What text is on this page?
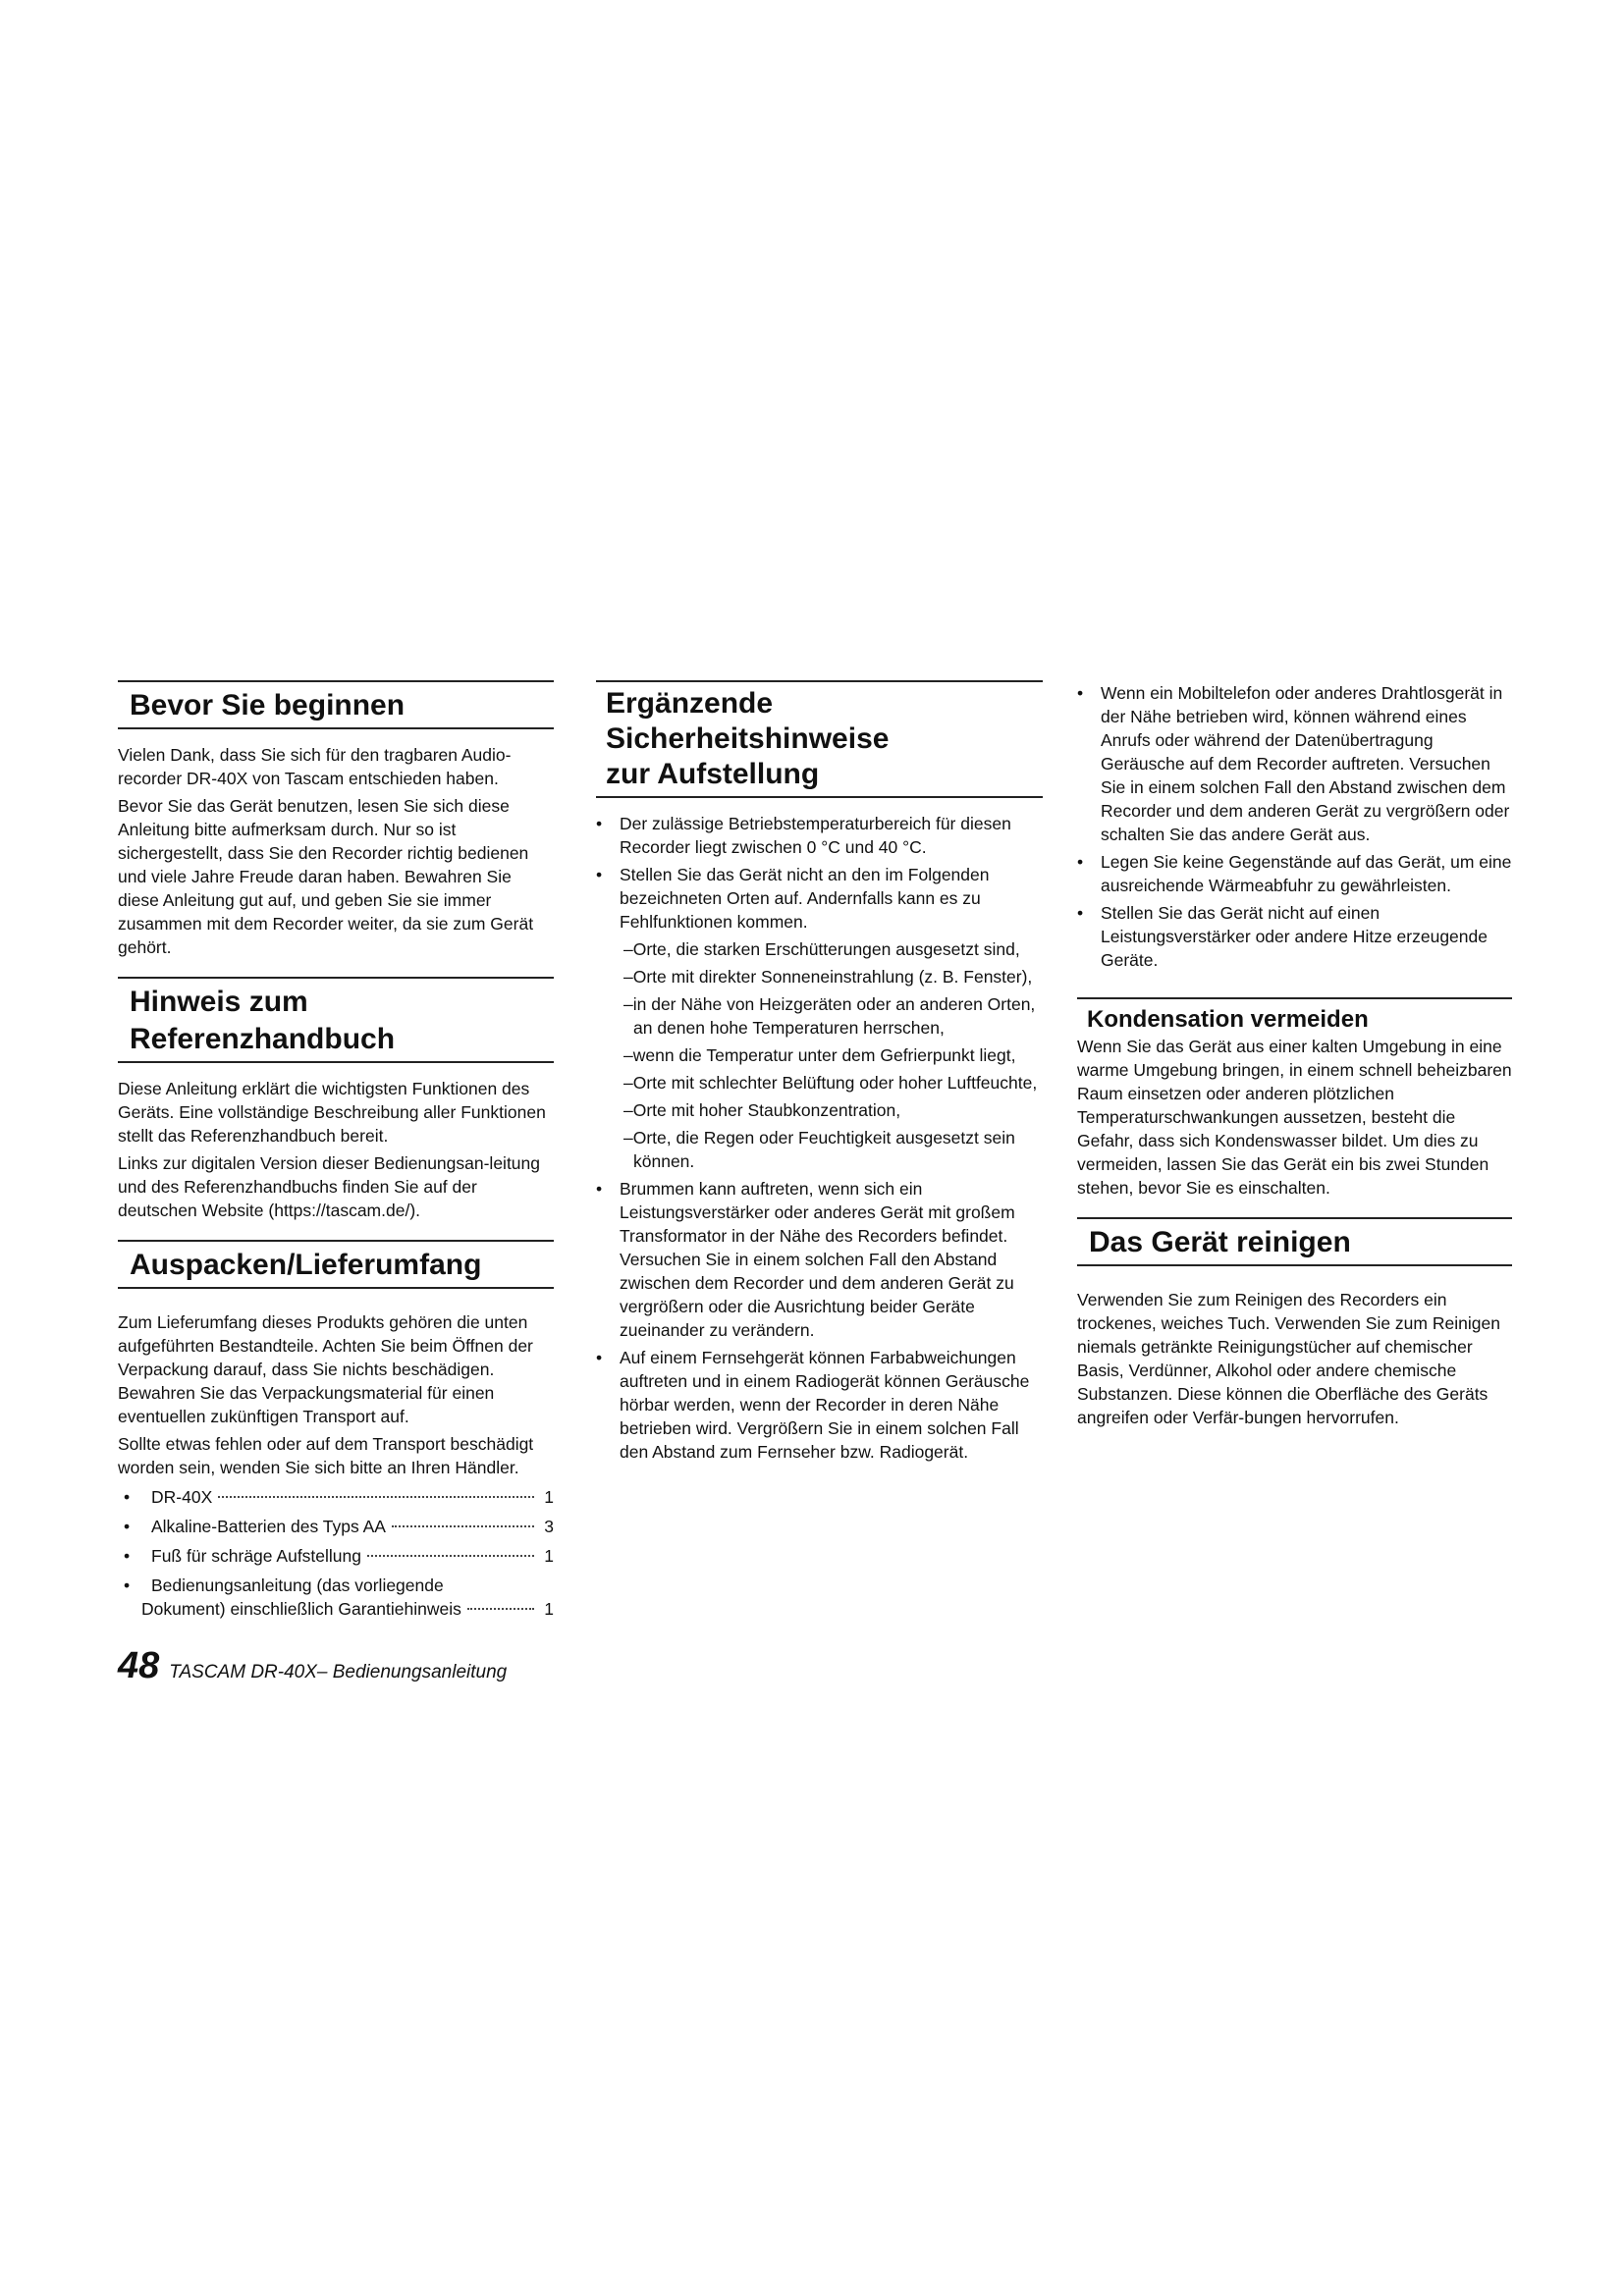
Bevor Sie beginnen

Vielen Dank, dass Sie sich für den tragbaren Audio-recorder DR-40X von Tascam entschieden haben.

Bevor Sie das Gerät benutzen, lesen Sie sich diese Anleitung bitte aufmerksam durch. Nur so ist sichergestellt, dass Sie den Recorder richtig bedienen und viele Jahre Freude daran haben. Bewahren Sie diese Anleitung gut auf, und geben Sie sie immer zusammen mit dem Recorder weiter, da sie zum Gerät gehört.

Hinweis zum Referenzhandbuch

Diese Anleitung erklärt die wichtigsten Funktionen des Geräts. Eine vollständige Beschreibung aller Funktionen stellt das Referenzhandbuch bereit.

Links zur digitalen Version dieser Bedienungsan-leitung und des Referenzhandbuchs finden Sie auf der deutschen Website (https://tascam.de/).

Auspacken/Lieferumfang

Zum Lieferumfang dieses Produkts gehören die unten aufgeführten Bestandteile. Achten Sie beim Öffnen der Verpackung darauf, dass Sie nichts beschädigen. Bewahren Sie das Verpackungsmaterial für einen eventuellen zukünftigen Transport auf.

Sollte etwas fehlen oder auf dem Transport beschädigt worden sein, wenden Sie sich bitte an Ihren Händler.

• DR-40X	1
• Alkaline-Batterien des Typs AA	3
• Fuß für schräge Aufstellung	1
• Bedienungsanleitung (das vorliegende
Dokument) einschließlich Garantiehinweis	1
Ergänzende Sicherheitshinweise
zur Aufstellung
• Der zulässige Betriebstemperaturbereich für diesen Recorder liegt zwischen 0 °C und 40 °C.
• Stellen Sie das Gerät nicht an den im Folgenden bezeichneten Orten auf. Andernfalls kann es zu Fehlfunktionen kommen.
–Orte, die starken Erschütterungen ausgesetzt sind,
–Orte mit direkter Sonneneinstrahlung (z. B. Fenster),
–in der Nähe von Heizgeräten oder an anderen Orten, an denen hohe Temperaturen herrschen,
–wenn die Temperatur unter dem Gefrierpunkt liegt,
–Orte mit schlechter Belüftung oder hoher Luftfeuchte,
–Orte mit hoher Staubkonzentration,
–Orte, die Regen oder Feuchtigkeit ausgesetzt sein können.
• Brummen kann auftreten, wenn sich ein Leistungsverstärker oder anderes Gerät mit großem Transformator in der Nähe des Recorders befindet. Versuchen Sie in einem solchen Fall den Abstand zwischen dem Recorder und dem anderen Gerät zu vergrößern oder die Ausrichtung beider Geräte zueinander zu verändern.
• Auf einem Fernsehgerät können Farbabweichungen auftreten und in einem Radiogerät können Geräusche hörbar werden, wenn der Recorder in deren Nähe betrieben wird. Vergrößern Sie in einem solchen Fall den Abstand zum Fernseher bzw. Radiogerät.
• Wenn ein Mobiltelefon oder anderes Drahtlosgerät in der Nähe betrieben wird, können während eines Anrufs oder während der Datenübertragung Geräusche auf dem Recorder auftreten. Versuchen Sie in einem solchen Fall den Abstand zwischen dem Recorder und dem anderen Gerät zu vergrößern oder schalten Sie das andere Gerät aus.
• Legen Sie keine Gegenstände auf das Gerät, um eine ausreichende Wärmeabfuhr zu gewährleisten.
• Stellen Sie das Gerät nicht auf einen Leistungsverstärker oder andere Hitze erzeugende Geräte.
Kondensation vermeiden

Wenn Sie das Gerät aus einer kalten Umgebung in eine warme Umgebung bringen, in einem schnell beheizbaren Raum einsetzen oder anderen plötzlichen Temperaturschwankungen aussetzen, besteht die Gefahr, dass sich Kondenswasser bildet. Um dies zu vermeiden, lassen Sie das Gerät ein bis zwei Stunden stehen, bevor Sie es einschalten.

Das Gerät reinigen

Verwenden Sie zum Reinigen des Recorders ein trockenes, weiches Tuch. Verwenden Sie zum Reinigen niemals getränkte Reinigungstücher auf chemischer Basis, Verdünner, Alkohol oder andere chemische Substanzen. Diese können die Oberfläche des Geräts angreifen oder Verfär-bungen hervorrufen.

48 TASCAM DR-40X– Bedienungsanleitung
